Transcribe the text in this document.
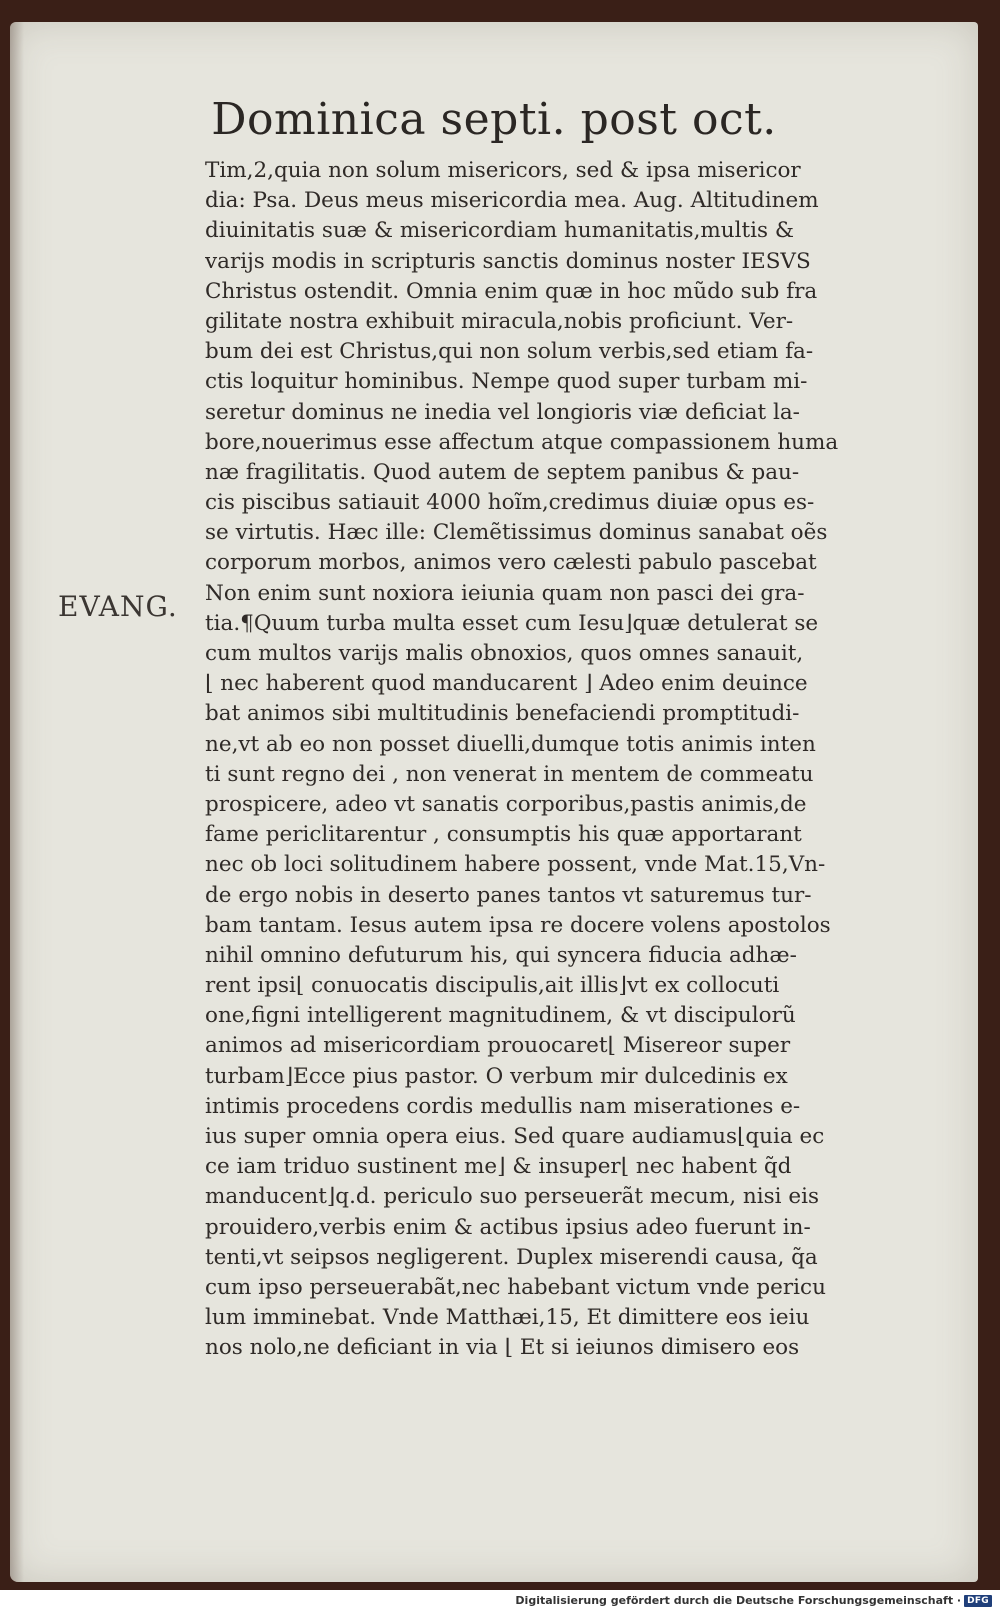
Dominica septi. post oct.
EVANG.
Tim,2,quia non solum misericors, sed & ipsa misericor
dia: Psa. Deus meus misericordia mea. Aug. Altitudinem
diuinitatis suæ & misericordiam humanitatis,multis &
varijs modis in scripturis sanctis dominus noster IESVS
Christus ostendit. Omnia enim quæ in hoc mũdo sub fra
gilitate nostra exhibuit miracula,nobis proficiunt. Ver-
bum dei est Christus,qui non solum verbis,sed etiam fa-
ctis loquitur hominibus. Nempe quod super turbam mi-
seretur dominus ne inedia vel longioris viæ deficiat la-
bore,nouerimus esse affectum atque compassionem huma
næ fragilitatis. Quod autem de septem panibus & pau-
cis piscibus satiauit 4000 hoĩm,credimus diuiæ opus es-
se virtutis. Hæc ille: Clemẽtissimus dominus sanabat oẽs
corporum morbos, animos vero cælesti pabulo pascebat
Non enim sunt noxiora ieiunia quam non pasci dei gra-
tia.¶Quum turba multa esset cum Iesu⌋quæ detulerat se
cum multos varijs malis obnoxios, quos omnes sanauit,
⌊ nec haberent quod manducarent ⌋ Adeo enim deuince
bat animos sibi multitudinis benefaciendi promptitudi-
ne,vt ab eo non posset diuelli,dumque totis animis inten
ti sunt regno dei , non venerat in mentem de commeatu
prospicere, adeo vt sanatis corporibus,pastis animis,de
fame periclitarentur , consumptis his quæ apportarant
nec ob loci solitudinem habere possent, vnde Mat.15,Vn-
de ergo nobis in deserto panes tantos vt saturemus tur-
bam tantam. Iesus autem ipsa re docere volens apostolos
nihil omnino defuturum his, qui syncera fiducia adhæ-
rent ipsi⌊ conuocatis discipulis,ait illis⌋vt ex collocuti
one,figni intelligerent magnitudinem, & vt discipulorũ
animos ad misericordiam prouocaret⌊ Misereor super
turbam⌋Ecce pius pastor. O verbum mir dulcedinis ex
intimis procedens cordis medullis nam miserationes e-
ius super omnia opera eius. Sed quare audiamus⌊quia ec
ce iam triduo sustinent me⌋ & insuper⌊ nec habent q̃d
manducent⌋q.d. periculo suo perseuerãt mecum, nisi eis
prouidero,verbis enim & actibus ipsius adeo fuerunt in-
tenti,vt seipsos negligerent. Duplex miserendi causa, q̃a
cum ipso perseuerabãt,nec habebant victum vnde pericu
lum imminebat. Vnde Matthæi,15, Et dimittere eos ieiu
nos nolo,ne deficiant in via ⌊ Et si ieiunos dimisero eos
Digitalisierung gefördert durch die Deutsche Forschungsgemeinschaft · DFG
